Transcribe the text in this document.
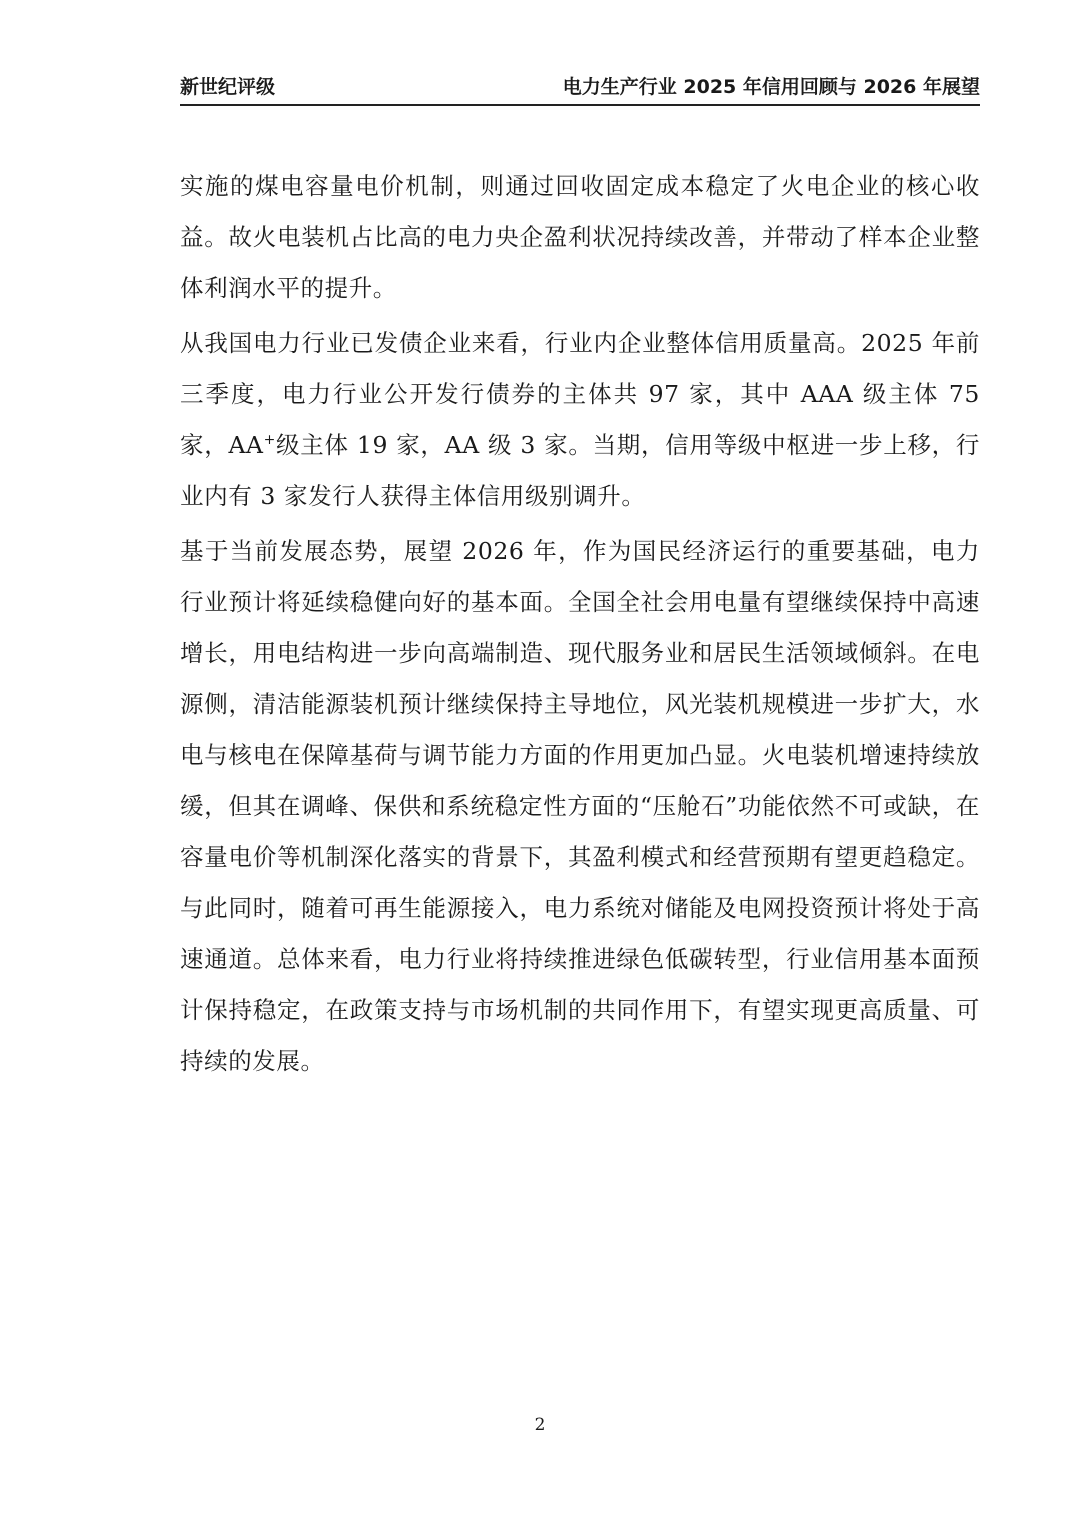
新世纪评级	电力生产行业 2025 年信用回顾与 2026 年展望

实施的煤电容量电价机制，则通过回收固定成本稳定了火电企业的核心收益。故火电装机占比高的电力央企盈利状况持续改善，并带动了样本企业整体利润水平的提升。

从我国电力行业已发债企业来看，行业内企业整体信用质量高。2025 年前三季度，电力行业公开发行债券的主体共 97 家，其中 AAA 级主体 75 家，AA+级主体 19 家，AA 级 3 家。当期，信用等级中枢进一步上移，行业内有 3 家发行人获得主体信用级别调升。

基于当前发展态势，展望 2026 年，作为国民经济运行的重要基础，电力行业预计将延续稳健向好的基本面。全国全社会用电量有望继续保持中高速增长，用电结构进一步向高端制造、现代服务业和居民生活领域倾斜。在电源侧，清洁能源装机预计继续保持主导地位，风光装机规模进一步扩大，水电与核电在保障基荷与调节能力方面的作用更加凸显。火电装机增速持续放缓，但其在调峰、保供和系统稳定性方面的“压舱石”功能依然不可或缺，在容量电价等机制深化落实的背景下，其盈利模式和经营预期有望更趋稳定。与此同时，随着可再生能源接入，电力系统对储能及电网投资预计将处于高速通道。总体来看，电力行业将持续推进绿色低碳转型，行业信用基本面预计保持稳定，在政策支持与市场机制的共同作用下，有望实现更高质量、可持续的发展。

2
